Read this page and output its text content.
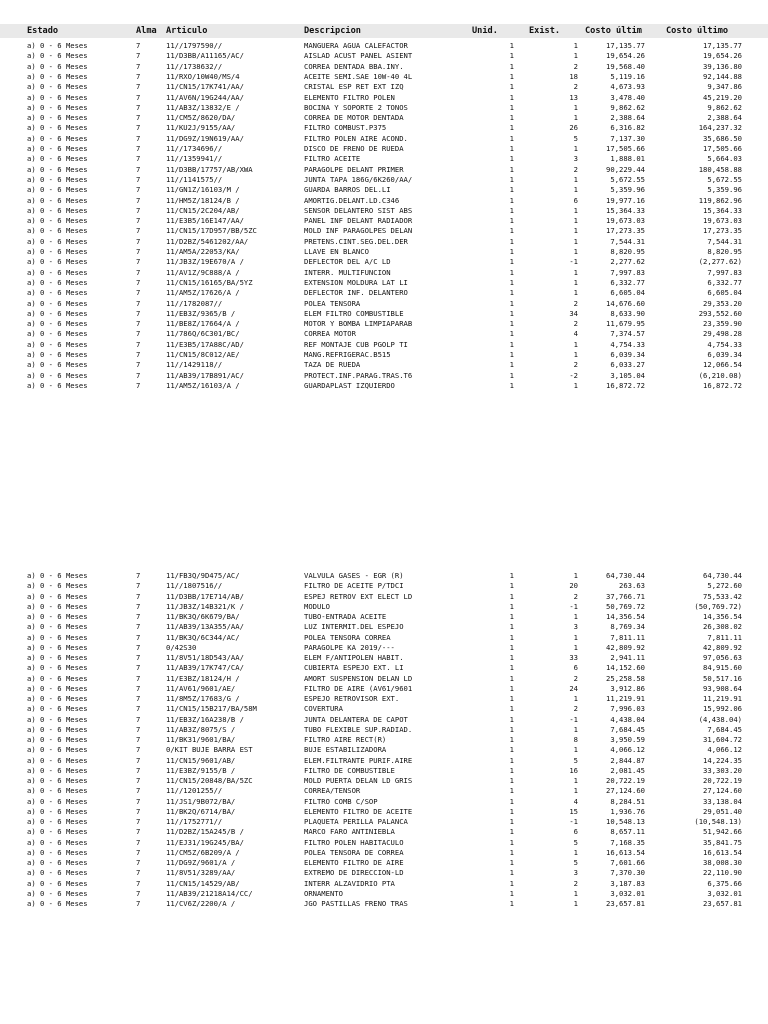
Estado	Alma	Articulo	Descripcion	Unid.	Exist.	Costo últim	Costo último
a) 0 - 6 Meses	7	11//1797590//	MANGUERA AGUA CALEFACTOR	1	1	17,135.77	17,135.77
a) 0 - 6 Meses	7	11/D3BB/A11165/AC/	AISLAD ACUST PANEL ASIENT	1	1	19,654.26	19,654.26
a) 0 - 6 Meses	7	11//1738632//	CORREA DENTADA BBA.INY.	1	2	19,568.40	39,136.80
a) 0 - 6 Meses	7	11/RXO/10W40/MS/4	ACEITE SEMI.SAE 10W-40 4L	1	18	5,119.16	92,144.88
a) 0 - 6 Meses	7	11/CN15/17K741/AA/	CRISTAL ESP RET EXT IZQ	1	2	4,673.93	9,347.86
a) 0 - 6 Meses	7	11/AV6N/19G244/AA/	ELEMENTO FILTRO POLEN	1	13	3,478.40	45,219.20
a) 0 - 6 Meses	7	11/AB3Z/13832/E /	BOCINA Y SOPORTE 2 TONOS	1	1	9,862.62	9,862.62
a) 0 - 6 Meses	7	11/CM5Z/8620/DA/	CORREA DE MOTOR DENTADA	1	1	2,388.64	2,388.64
a) 0 - 6 Meses	7	11/KU2J/9155/AA/	FILTRO COMBUST.P375	1	26	6,316.82	164,237.32
a) 0 - 6 Meses	7	11/DG9Z/19N619/AA/	FILTRO POLEN AIRE ACOND.	1	5	7,137.30	35,686.50
a) 0 - 6 Meses	7	11//1734696//	DISCO DE FRENO DE RUEDA	1	1	17,505.66	17,505.66
a) 0 - 6 Meses	7	11//1359941//	FILTRO ACEITE	1	3	1,888.01	5,664.03
a) 0 - 6 Meses	7	11/D3BB/17757/AB/XWA	PARAGOLPE DELANT PRIMER	1	2	90,229.44	180,458.88
a) 0 - 6 Meses	7	11//1141575//	JUNTA TAPA 186G/6K260/AA/	1	1	5,672.55	5,672.55
a) 0 - 6 Meses	7	11/GN1Z/16103/M /	GUARDA BARROS DEL.LI	1	1	5,359.96	5,359.96
a) 0 - 6 Meses	7	11/HM5Z/18124/B /	AMORTIG.DELANT.LD.C346	1	6	19,977.16	119,862.96
a) 0 - 6 Meses	7	11/CN15/2C204/AB/	SENSOR DELANTERO SIST ABS	1	1	15,364.33	15,364.33
a) 0 - 6 Meses	7	11/E3B5/16E147/AA/	PANEL INF DELANT RADIADOR	1	1	19,673.03	19,673.03
a) 0 - 6 Meses	7	11/CN15/17D957/BB/5ZC	MOLD INF PARAGOLPES DELAN	1	1	17,273.35	17,273.35
a) 0 - 6 Meses	7	11/D2BZ/5461202/AA/	PRETENS.CINT.SEG.DEL.DER	1	1	7,544.31	7,544.31
a) 0 - 6 Meses	7	11/AM5A/22053/KA/	LLAVE EN BLANCO	1	1	8,820.95	8,820.95
a) 0 - 6 Meses	7	11/JB3Z/19E670/A /	DEFLECTOR DEL A/C LD	1	-1	2,277.62	(2,277.62)
a) 0 - 6 Meses	7	11/AV1Z/9C888/A /	INTERR. MULTIFUNCION	1	1	7,997.83	7,997.83
a) 0 - 6 Meses	7	11/CN15/16165/BA/5YZ	EXTENSION MOLDURA LAT LI	1	1	6,332.77	6,332.77
a) 0 - 6 Meses	7	11/AM5Z/17626/A /	DEFLECTOR INF. DELANTERO	1	1	6,605.04	6,605.04
a) 0 - 6 Meses	7	11//1782087//	POLEA TENSORA	1	2	14,676.60	29,353.20
a) 0 - 6 Meses	7	11/EB3Z/9365/B /	ELEM FILTRO COMBUSTIBLE	1	34	8,633.90	293,552.60
a) 0 - 6 Meses	7	11/BE8Z/17664/A /	MOTOR Y BOMBA LIMPIAPARAB	1	2	11,679.95	23,359.90
a) 0 - 6 Meses	7	11/786Q/6C301/BC/	CORREA MOTOR	1	4	7,374.57	29,498.28
a) 0 - 6 Meses	7	11/E3B5/17A88C/AD/	REF MONTAJE CUB PGOLP TI	1	1	4,754.33	4,754.33
a) 0 - 6 Meses	7	11/CN15/8C012/AE/	MANG.REFRIGERAC.B515	1	1	6,039.34	6,039.34
a) 0 - 6 Meses	7	11//1429118//	TAZA DE RUEDA	1	2	6,033.27	12,066.54
a) 0 - 6 Meses	7	11/AB39/17B891/AC/	PROTECT.INF.PARAG.TRAS.T6	1	-2	3,105.04	(6,210.08)
a) 0 - 6 Meses	7	11/AM5Z/16103/A /	GUARDAPLAST IZQUIERDO	1	1	16,872.72	16,872.72
a) 0 - 6 Meses	7	11/FB3Q/9D475/AC/	VALVULA GASES - EGR (R)	1	1	64,730.44	64,730.44
a) 0 - 6 Meses	7	11//1807516//	FILTRO DE ACEITE P/TDCI	1	20	263.63	5,272.60
a) 0 - 6 Meses	7	11/D3BB/17E714/AB/	ESPEJ RETROV EXT ELECT LD	1	2	37,766.71	75,533.42
a) 0 - 6 Meses	7	11/JB3Z/14B321/K /	MODULO	1	-1	50,769.72	(50,769.72)
a) 0 - 6 Meses	7	11/BK3Q/6K679/BA/	TUBO-ENTRADA ACEITE	1	1	14,356.54	14,356.54
a) 0 - 6 Meses	7	11/AB39/13A355/AA/	LUZ INTERMIT.DEL ESPEJO	1	3	8,769.34	26,308.02
a) 0 - 6 Meses	7	11/BK3Q/6C344/AC/	POLEA TENSORA CORREA	1	1	7,811.11	7,811.11
a) 0 - 6 Meses	7	0/42S30	PARAGOLPE KA 2019/---	1	1	42,809.92	42,809.92
a) 0 - 6 Meses	7	11/8V51/18D543/AA/	ELEM F/ANTIPOLEN HABIT.	1	33	2,941.11	97,056.63
a) 0 - 6 Meses	7	11/AB39/17K747/CA/	CUBIERTA ESPEJO EXT. LI	1	6	14,152.60	84,915.60
a) 0 - 6 Meses	7	11/E3BZ/18124/H /	AMORT SUSPENSION DELAN LD	1	2	25,258.58	50,517.16
a) 0 - 6 Meses	7	11/AV61/9601/AE/	FILTRO DE AIRE (AV61/9601	1	24	3,912.86	93,908.64
a) 0 - 6 Meses	7	11/8M5Z/17683/G /	ESPEJO RETROVISOR EXT.	1	1	11,219.91	11,219.91
a) 0 - 6 Meses	7	11/CN15/15B217/BA/58M	COVERTURA	1	2	7,996.03	15,992.06
a) 0 - 6 Meses	7	11/EB3Z/16A238/B /	JUNTA DELANTERA DE CAPOT	1	-1	4,438.04	(4,438.04)
a) 0 - 6 Meses	7	11/AB3Z/8075/S /	TUBO FLEXIBLE SUP.RADIAD.	1	1	7,684.45	7,684.45
a) 0 - 6 Meses	7	11/BK31/9601/BA/	FILTRO AIRE RECT(R)	1	8	3,950.59	31,604.72
a) 0 - 6 Meses	7	0/KIT BUJE BARRA EST	BUJE ESTABILIZADORA	1	1	4,066.12	4,066.12
a) 0 - 6 Meses	7	11/CN15/9601/AB/	ELEM.FILTRANTE PURIF.AIRE	1	5	2,844.87	14,224.35
a) 0 - 6 Meses	7	11/E3BZ/9155/B /	FILTRO DE COMBUSTIBLE	1	16	2,081.45	33,303.20
a) 0 - 6 Meses	7	11/CN15/20848/BA/5ZC	MOLD PUERTA DELAN LD GRIS	1	1	20,722.19	20,722.19
a) 0 - 6 Meses	7	11//1201255//	CORREA/TENSOR	1	1	27,124.60	27,124.60
a) 0 - 6 Meses	7	11/JS1/9B072/BA/	FILTRO COMB C/SOP	1	4	8,284.51	33,138.04
a) 0 - 6 Meses	7	11/BK2Q/6714/BA/	ELEMENTO FILTRO DE ACEITE	1	15	1,936.76	29,051.40
a) 0 - 6 Meses	7	11//1752771//	PLAQUETA PERILLA PALANCA	1	-1	10,548.13	(10,548.13)
a) 0 - 6 Meses	7	11/D2BZ/15A245/B /	MARCO FARO ANTINIEBLA	1	6	8,657.11	51,942.66
a) 0 - 6 Meses	7	11/EJ31/19G245/BA/	FILTRO POLEN HABITACULO	1	5	7,168.35	35,841.75
a) 0 - 6 Meses	7	11/CM5Z/6B209/A /	POLEA TENSORA DE CORREA	1	1	16,613.54	16,613.54
a) 0 - 6 Meses	7	11/DG9Z/9601/A /	ELEMENTO FILTRO DE AIRE	1	5	7,601.66	38,008.30
a) 0 - 6 Meses	7	11/8V51/3289/AA/	EXTREMO DE DIRECCION-LD	1	3	7,370.30	22,110.90
a) 0 - 6 Meses	7	11/CN15/14529/AB/	INTERR ALZAVIDRIO PTA	1	2	3,187.83	6,375.66
a) 0 - 6 Meses	7	11/AB39/21218A14/CC/	ORNAMENTO	1	1	3,032.01	3,032.01
a) 0 - 6 Meses	7	11/CV6Z/2200/A /	JGO PASTILLAS FRENO TRAS	1	1	23,657.81	23,657.81
